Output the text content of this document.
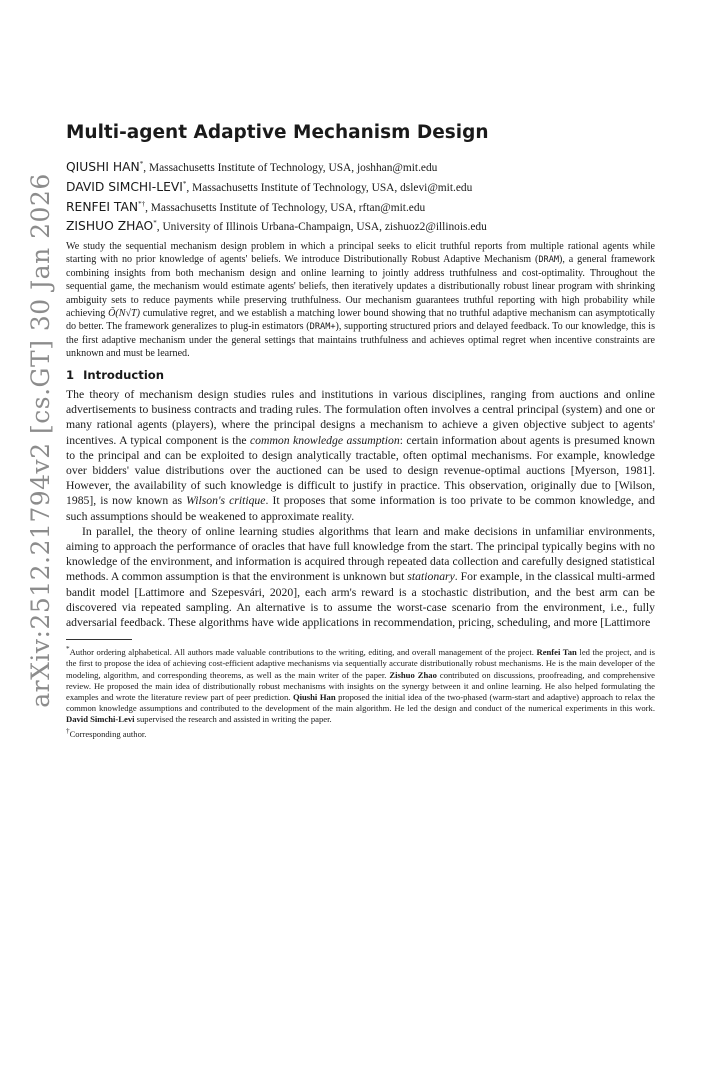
arXiv:2512.21794v2 [cs.GT] 30 Jan 2026
Multi-agent Adaptive Mechanism Design
QIUSHI HAN*, Massachusetts Institute of Technology, USA, joshhan@mit.edu
DAVID SIMCHI-LEVI*, Massachusetts Institute of Technology, USA, dslevi@mit.edu
RENFEI TAN*†, Massachusetts Institute of Technology, USA, rftan@mit.edu
ZISHUO ZHAO*, University of Illinois Urbana-Champaign, USA, zishuoz2@illinois.edu
We study the sequential mechanism design problem in which a principal seeks to elicit truthful reports from multiple rational agents while starting with no prior knowledge of agents' beliefs. We introduce Distributionally Robust Adaptive Mechanism (DRAM), a general framework combining insights from both mechanism design and online learning to jointly address truthfulness and cost-optimality. Throughout the sequential game, the mechanism would estimate agents' beliefs, then iteratively updates a distributionally robust linear program with shrinking ambiguity sets to reduce payments while preserving truthfulness. Our mechanism guarantees truthful reporting with high probability while achieving Õ(N√T) cumulative regret, and we establish a matching lower bound showing that no truthful adaptive mechanism can asymptotically do better. The framework generalizes to plug-in estimators (DRAM+), supporting structured priors and delayed feedback. To our knowledge, this is the first adaptive mechanism under the general settings that maintains truthfulness and achieves optimal regret when incentive constraints are unknown and must be learned.
1 Introduction

The theory of mechanism design studies rules and institutions in various disciplines, ranging from auctions and online advertisements to business contracts and trading rules. The formulation often involves a central principal (system) and one or many rational agents (players), where the principal designs a mechanism to achieve a given objective subject to agents' incentives. A typical component is the common knowledge assumption: certain information about agents is presumed known to the principal and can be exploited to design analytically tractable, often optimal mechanisms. For example, knowledge over bidders' value distributions over the auctioned can be used to design revenue-optimal auctions [Myerson, 1981]. However, the availability of such knowledge is difficult to justify in practice. This observation, originally due to [Wilson, 1985], is now known as Wilson's critique. It proposes that some information is too private to be common knowledge, and such assumptions should be weakened to approximate reality.

In parallel, the theory of online learning studies algorithms that learn and make decisions in unfamiliar environments, aiming to approach the performance of oracles that have full knowledge from the start. The principal typically begins with no knowledge of the environment, and information is acquired through repeated data collection and carefully designed statistical methods. A common assumption is that the environment is unknown but stationary. For example, in the classical multi-armed bandit model [Lattimore and Szepesvári, 2020], each arm's reward is a stochastic distribution, and the best arm can be discovered via repeated sampling. An alternative is to assume the worst-case scenario from the environment, i.e., fully adversarial feedback. These algorithms have wide applications in recommendation, pricing, scheduling, and more [Lattimore

*Author ordering alphabetical. All authors made valuable contributions to the writing, editing, and overall management of the project. Renfei Tan led the project, and is the first to propose the idea of achieving cost-efficient adaptive mechanisms via sequentially accurate distributionally robust mechanisms. He is the main developer of the modeling, algorithm, and corresponding theorems, as well as the main writer of the paper. Zishuo Zhao contributed on discussions, proofreading, and comprehensive review. He proposed the main idea of distributionally robust mechanisms with insights on the synergy between it and online learning. He also helped formulating the examples and wrote the literature review part of peer prediction. Qiushi Han proposed the initial idea of the two-phased (warm-start and adaptive) approach to relax the common knowledge assumptions and contributed to the development of the main algorithm. He led the design and conduct of the numerical experiments in this work. David Simchi-Levi supervised the research and assisted in writing the paper.

†Corresponding author.
